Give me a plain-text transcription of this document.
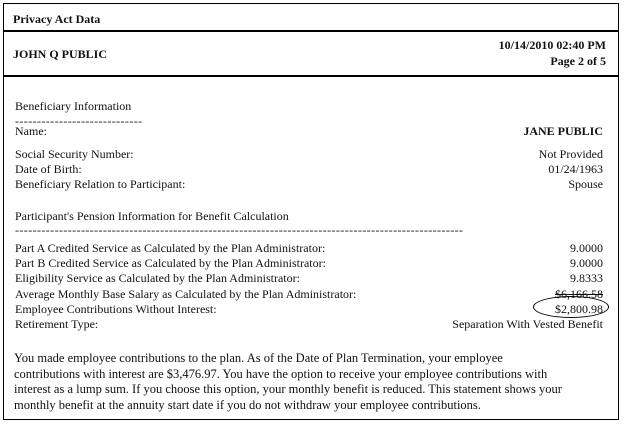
Privacy Act Data
JOHN Q PUBLIC
10/14/2010 02:40 PM
Page 2 of 5
Beneficiary Information
-----------------------------
Name:	JANE PUBLIC
Social Security Number:	Not Provided
Date of Birth:	01/24/1963
Beneficiary Relation to Participant:	Spouse
Participant's Pension Information for Benefit Calculation
------------------------------------------------------------------------------------------------------
Part A Credited Service as Calculated by the Plan Administrator:	9.0000
Part B Credited Service as Calculated by the Plan Administrator:	9.0000
Eligibility Service as Calculated by the Plan Administrator:	9.8333
Average Monthly Base Salary as Calculated by the Plan Administrator:	$6,166.58
Employee Contributions Without Interest:	$2,800.98
Retirement Type:	Separation With Vested Benefit
You made employee contributions to the plan. As of the Date of Plan Termination, your employee
contributions with interest are $3,476.97. You have the option to receive your employee contributions with
interest as a lump sum. If you choose this option, your monthly benefit is reduced. This statement shows your
monthly benefit at the annuity start date if you do not withdraw your employee contributions.
